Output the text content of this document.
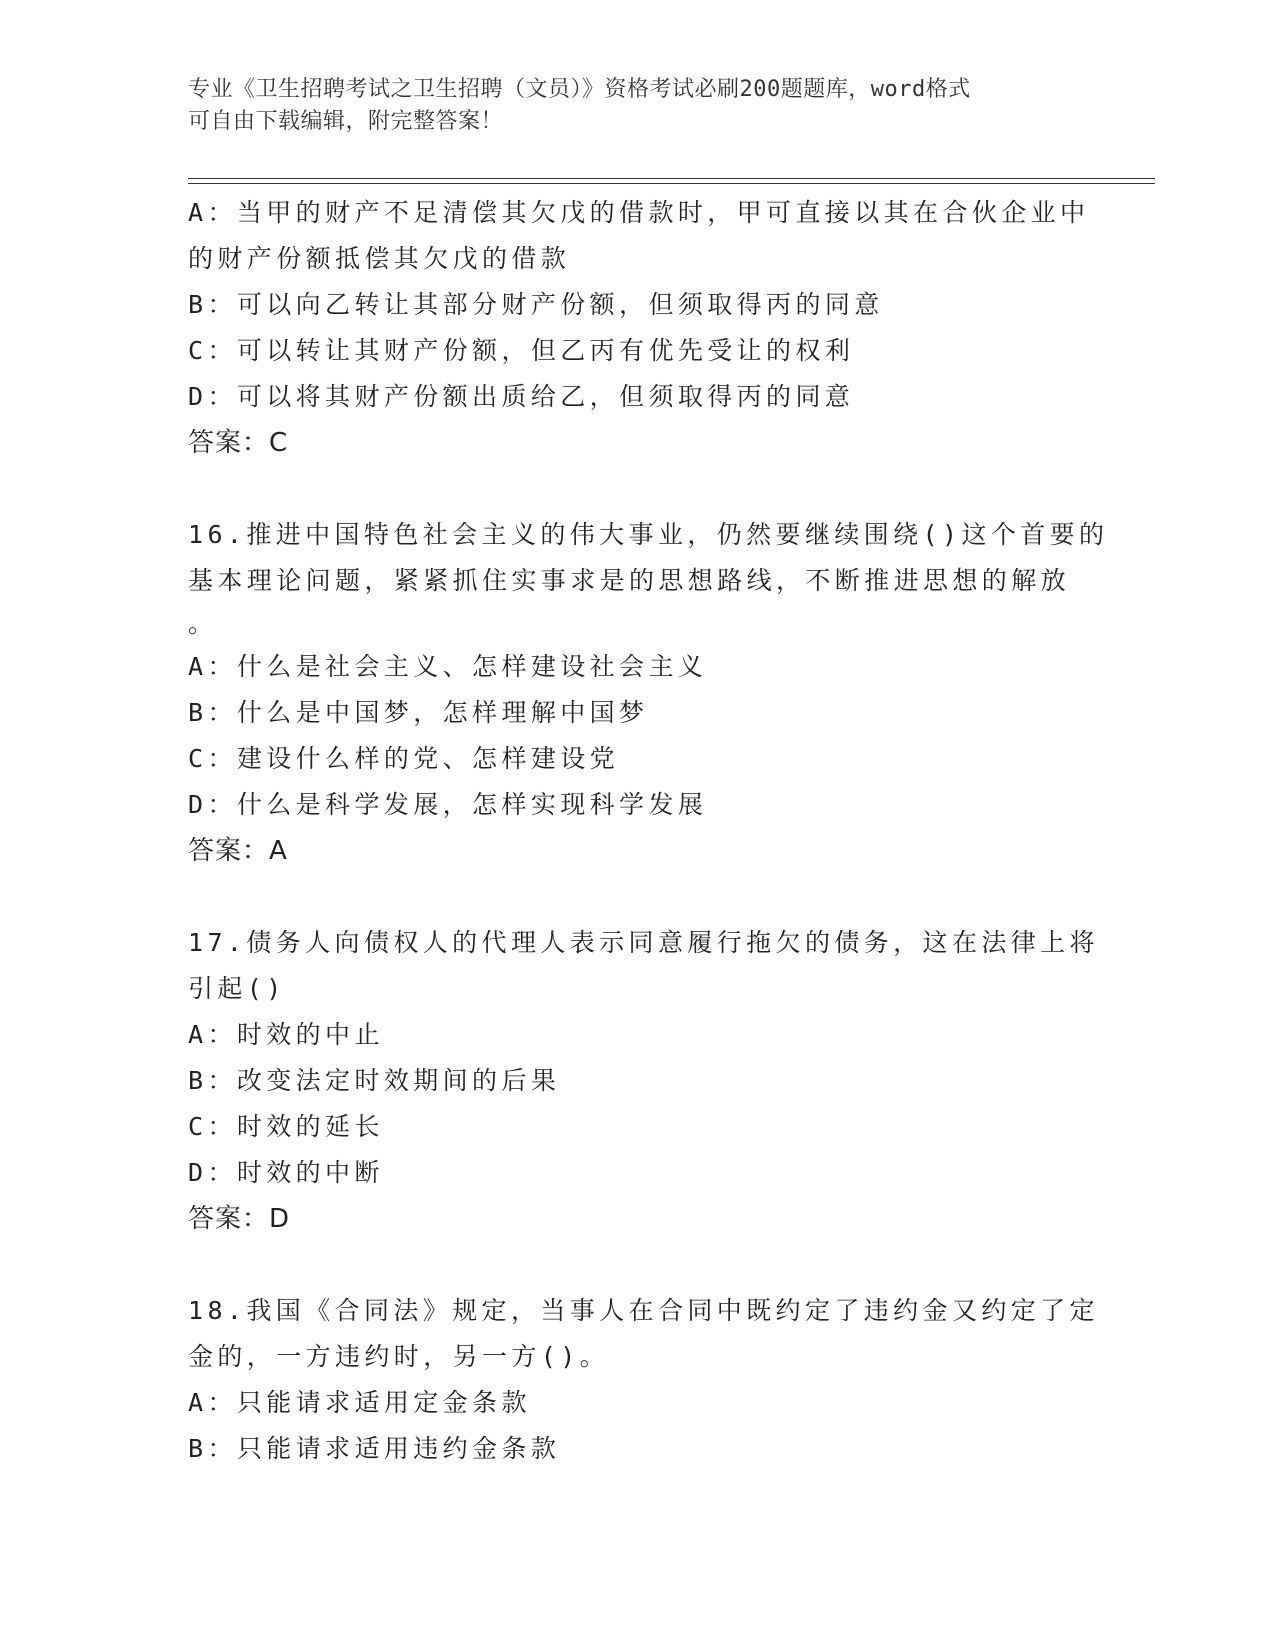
专业《卫生招聘考试之卫生招聘（文员）》资格考试必刷200题题库，word格式
可自由下载编辑，附完整答案！
A：当甲的财产不足清偿其欠戊的借款时，甲可直接以其在合伙企业中
的财产份额抵偿其欠戊的借款
B：可以向乙转让其部分财产份额，但须取得丙的同意
C：可以转让其财产份额，但乙丙有优先受让的权利
D：可以将其财产份额出质给乙，但须取得丙的同意
答案：C
16.推进中国特色社会主义的伟大事业，仍然要继续围绕()这个首要的
基本理论问题，紧紧抓住实事求是的思想路线，不断推进思想的解放
。
A：什么是社会主义、怎样建设社会主义
B：什么是中国梦，怎样理解中国梦
C：建设什么样的党、怎样建设党
D：什么是科学发展，怎样实现科学发展
答案：A
17.债务人向债权人的代理人表示同意履行拖欠的债务，这在法律上将
引起()
A：时效的中止
B：改变法定时效期间的后果
C：时效的延长
D：时效的中断
答案：D
18.我国《合同法》规定，当事人在合同中既约定了违约金又约定了定
金的，一方违约时，另一方()。
A：只能请求适用定金条款
B：只能请求适用违约金条款
